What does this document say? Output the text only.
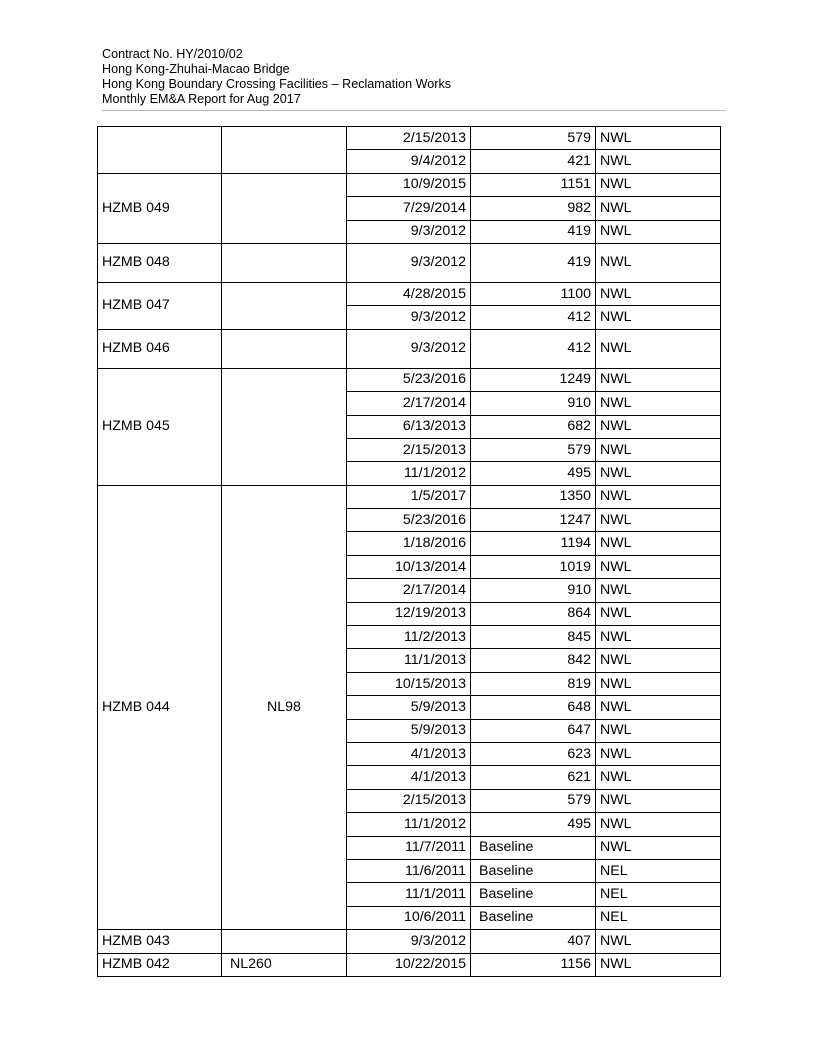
Contract No. HY/2010/02
Hong Kong-Zhuhai-Macao Bridge
Hong Kong Boundary Crossing Facilities – Reclamation Works
Monthly EM&A Report for Aug 2017
		2/15/2013	579	NWL
		9/4/2012	421	NWL
HZMB 049		10/9/2015	1151	NWL
		7/29/2014	982	NWL
		9/3/2012	419	NWL
HZMB 048		9/3/2012	419	NWL
HZMB 047		4/28/2015	1100	NWL
		9/3/2012	412	NWL
HZMB 046		9/3/2012	412	NWL
HZMB 045		5/23/2016	1249	NWL
		2/17/2014	910	NWL
		6/13/2013	682	NWL
		2/15/2013	579	NWL
		11/1/2012	495	NWL
HZMB 044	NL98	1/5/2017	1350	NWL
		5/23/2016	1247	NWL
		1/18/2016	1194	NWL
		10/13/2014	1019	NWL
		2/17/2014	910	NWL
		12/19/2013	864	NWL
		11/2/2013	845	NWL
		11/1/2013	842	NWL
		10/15/2013	819	NWL
		5/9/2013	648	NWL
		5/9/2013	647	NWL
		4/1/2013	623	NWL
		4/1/2013	621	NWL
		2/15/2013	579	NWL
		11/1/2012	495	NWL
		11/7/2011	Baseline	NWL
		11/6/2011	Baseline	NEL
		11/1/2011	Baseline	NEL
		10/6/2011	Baseline	NEL
HZMB 043		9/3/2012	407	NWL
HZMB 042	NL260	10/22/2015	1156	NWL
